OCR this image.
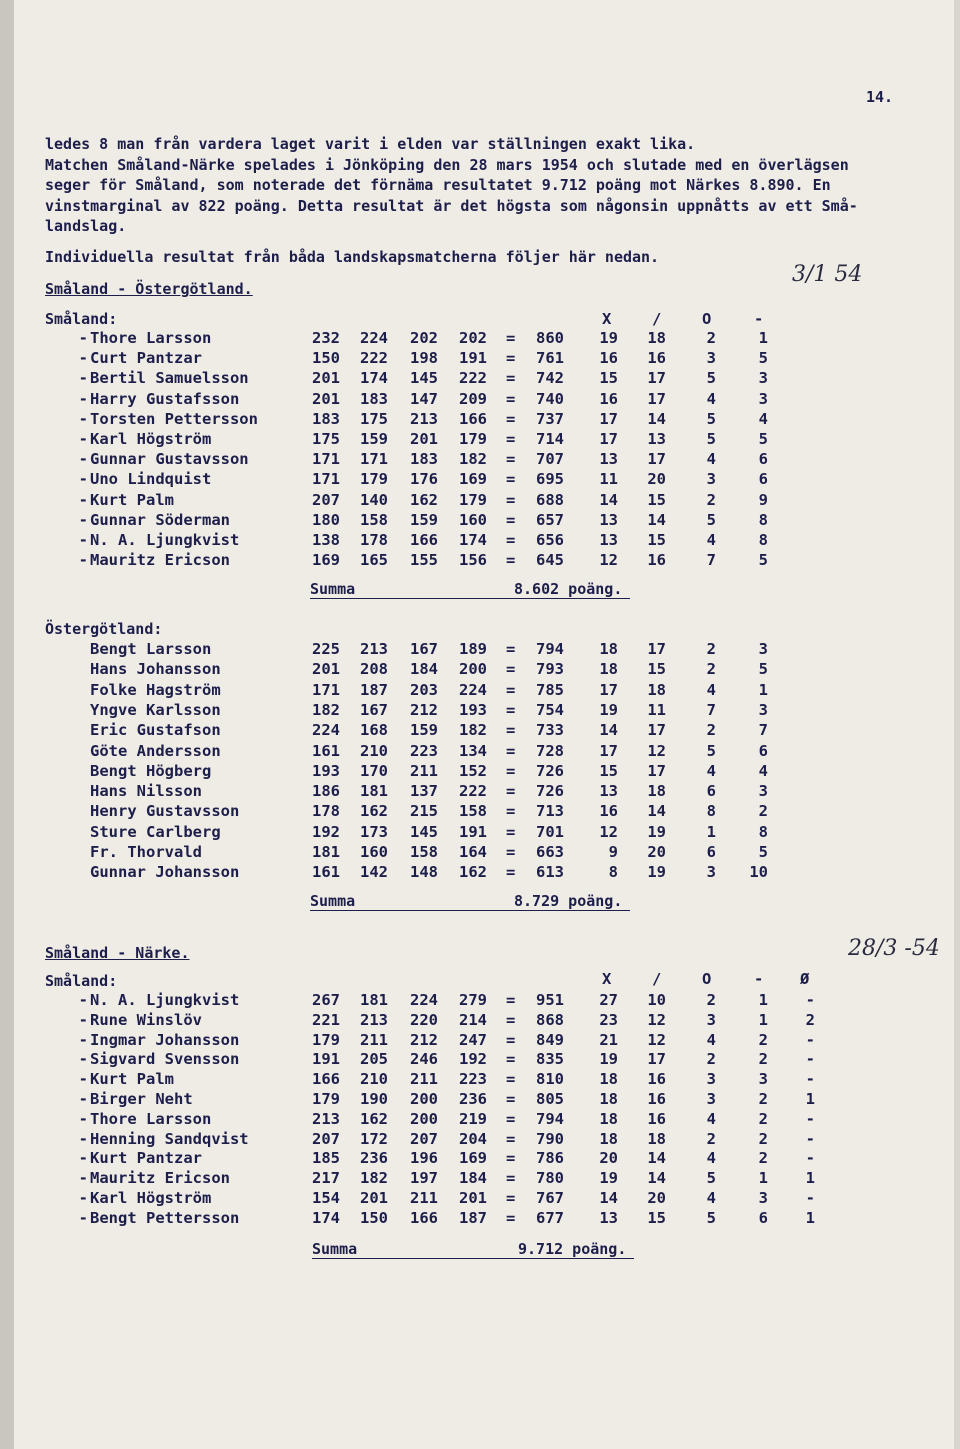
14.

ledes 8 man från vardera laget varit i elden var ställningen exakt lika.

Matchen Småland-Närke spelades i Jönköping den 28 mars 1954 och slutade med en överlägsen

seger för Småland, som noterade det förnäma resultatet 9.712 poäng mot Närkes 8.890. En

vinstmarginal av 822 poäng. Detta resultat är det högsta som någonsin uppnåtts av ett Små-

landslag.

Individuella resultat från båda landskapsmatcherna följer här nedan.
Småland - Östergötland.
3/1 54
Småland:	X	/	O	-
- Thore Larsson	232	224	202	202 =	860	19	18	2	1
- Curt Pantzar	150	222	198	191 =	761	16	16	3	5
- Bertil Samuelsson	201	174	145	222 =	742	15	17	5	3
- Harry Gustafsson	201	183	147	209 =	740	16	17	4	3
- Torsten Pettersson	183	175	213	166 =	737	17	14	5	4
- Karl Högström	175	159	201	179 =	714	17	13	5	5
- Gunnar Gustavsson	171	171	183	182 =	707	13	17	4	6
- Uno Lindquist	171	179	176	169 =	695	11	20	3	6
- Kurt Palm	207	140	162	179 =	688	14	15	2	9
- Gunnar Söderman	180	158	159	160 =	657	13	14	5	8
- N. A. Ljungkvist	138	178	166	174 =	656	13	15	4	8
- Mauritz Ericson	169	165	155	156 =	645	12	16	7	5
Summa	8.602 poäng.
Östergötland:
Bengt Larsson	225	213	167	189 =	794	18	17	2	3
Hans Johansson	201	208	184	200 =	793	18	15	2	5
Folke Hagström	171	187	203	224 =	785	17	18	4	1
Yngve Karlsson	182	167	212	193 =	754	19	11	7	3
Eric Gustafson	224	168	159	182 =	733	14	17	2	7
Göte Andersson	161	210	223	134 =	728	17	12	5	6
Bengt Högberg	193	170	211	152 =	726	15	17	4	4
Hans Nilsson	186	181	137	222 =	726	13	18	6	3
Henry Gustavsson	178	162	215	158 =	713	16	14	8	2
Sture Carlberg	192	173	145	191 =	701	12	19	1	8
Fr. Thorvald	181	160	158	164 =	663	9	20	6	5
Gunnar Johansson	161	142	148	162 =	613	8	19	3 10
Summa	8.729 poäng.
Småland - Närke.	28/3 -54
Småland:	X	/	O	- Ø
- N. A. Ljungkvist	267	181	224	279 =	951	27	10	2	1	-
- Rune Winslöv	221	213	220	214 =	868	23	12	3	1	2
- Ingmar Johansson	179	211	212	247 =	849	21	12	4	2	-
- Sigvard Svensson	191	205	246	192 =	835	19	17	2	2	-
- Kurt Palm	166	210	211	223 =	810	18	16	3	3	-
- Birger Neht	179	190	200	236 =	805	18	16	3	2	1
- Thore Larsson	213	162	200	219 =	794	18	16	4	2	-
- Henning Sandqvist	207	172	207	204 =	790	18	18	2	2	-
- Kurt Pantzar	185	236	196	169 =	786	20	14	4	2	-
- Mauritz Ericson	217	182	197	184 =	780	19	14	5	1	1
- Karl Högström	154	201	211	201 =	767	14	20	4	3	-
- Bengt Pettersson	174	150	166	187 =	677	13	15	5	6	1
Summa	9.712 poäng.
